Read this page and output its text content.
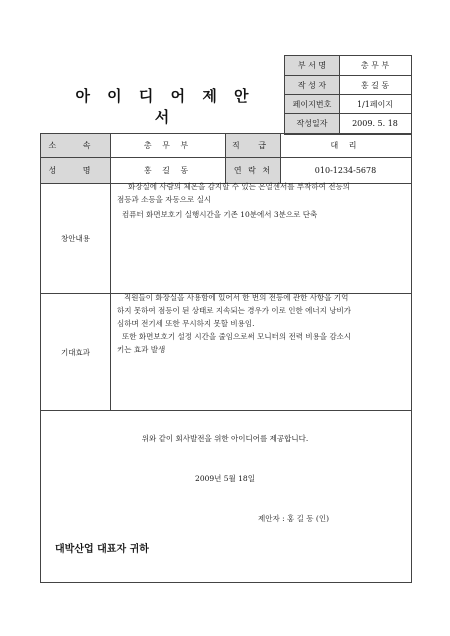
아 이 디 어 제 안 서
부 서 명	총 무 부
작 성 자	홍 길 동
페이지번호	1/1페이지
작성일자	2009. 5. 18
소 속	총 무 부	직 급	대 리
성 명	홍 길 동	연 락 처	010-1234-5678
창안내용
화장실에 사람의 체온을 감지할 수 있는 온열센서를 부착하여 전등의
점등과 소등을 자동으로 실시
컴퓨터 화면보호기 실행시간을 기존 10분에서 3분으로 단축
기대효과
직원들이 화장실을 사용함에 있어서 한 번의 전등에 관한 사항을 기억
하지 못하여 점등이 된 상태로 지속되는 경우가 이로 인한 에너지 낭비가
심하며 전기세 또한 무시하지 못할 비용임.
또한 화면보호기 설정 시간을 줄임으로써 모니터의 전력 비용을 감소시
키는 효과 발생
위와 같이 회사발전을 위한 아이디어를 제공합니다.
2009년 5월 18일
제안자 : 홍 길 동 (인)
대박산업 대표자 귀하
